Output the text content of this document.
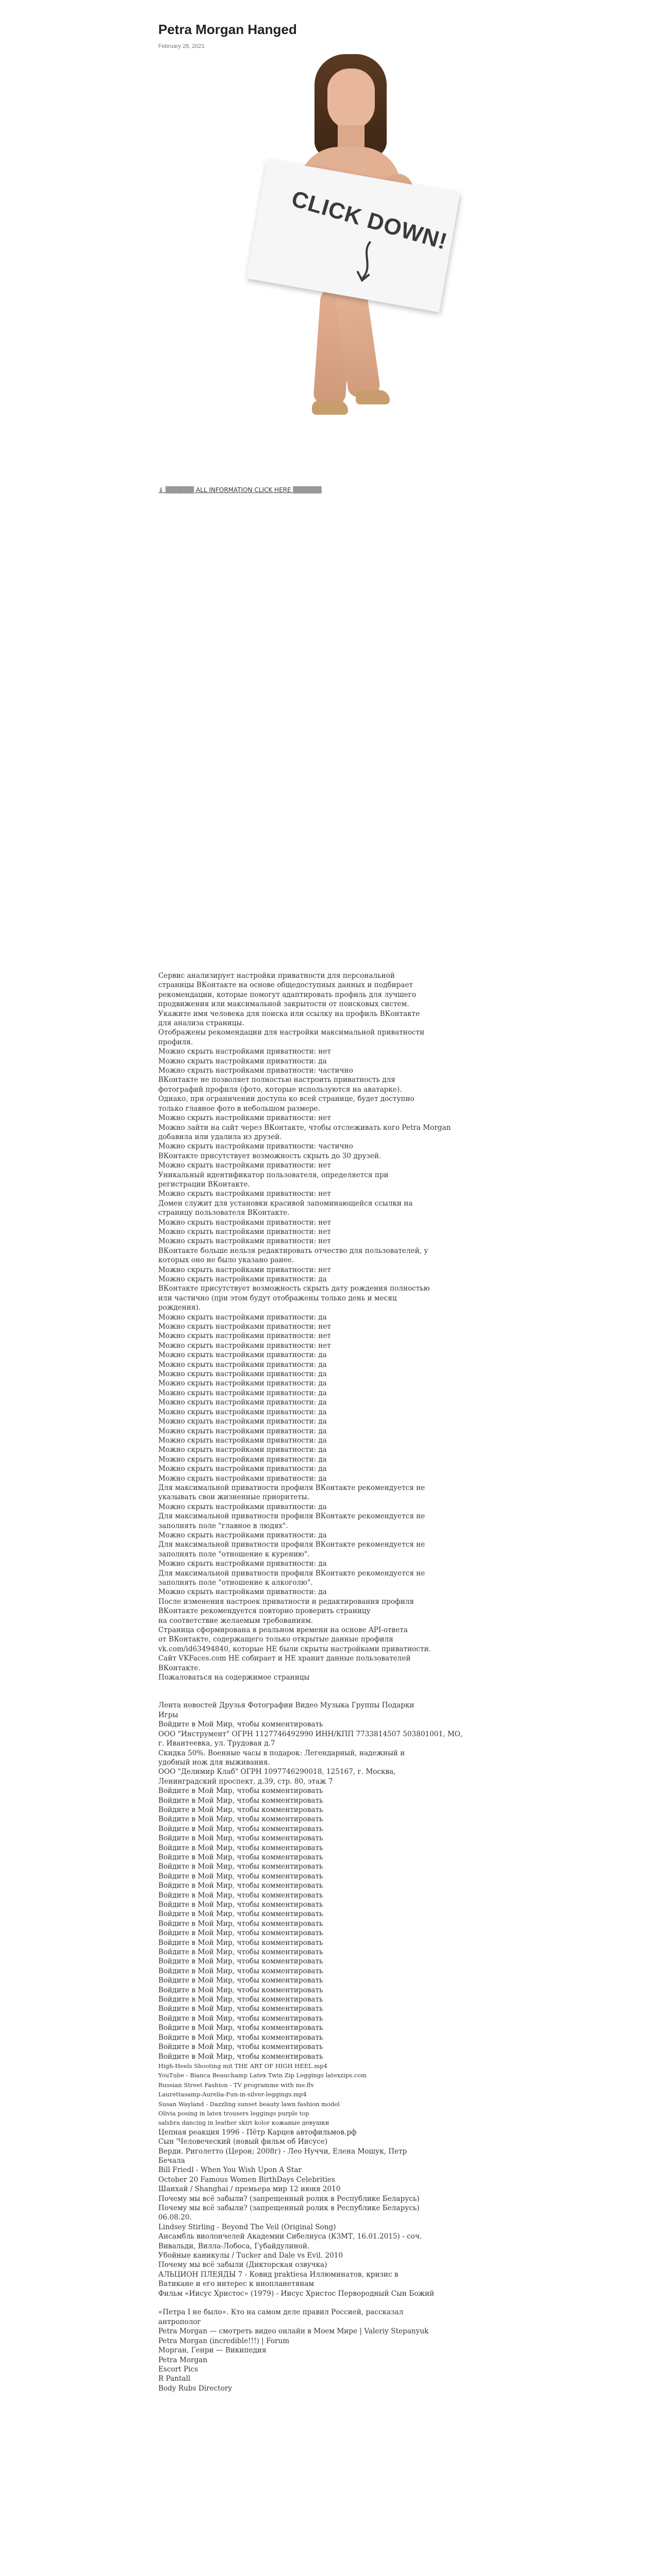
Petra Morgan Hanged
February 28, 2021
CLICK DOWN!
⇓ ▒▒▒▒▒▒ ALL INFORMATION CLICK HERE ▒▒▒▒▒▒

Сервис анализирует настройки приватности для персональной

страницы ВКонтакте на основе общедоступных данных и подбирает

рекомендации, которые помогут адаптировать профиль для лучшего

продвижения или максимальной закрытости от поисковых систем.

Укажите имя человека для поиска или ссылку на профиль ВКонтакте

для анализа страницы.

Отображены рекомендации для настройки максимальной приватности

профиля.

Можно скрыть настройками приватности: нет

Можно скрыть настройками приватности: да

Можно скрыть настройками приватности: частично

ВКонтакте не позволяет полностью настроить приватность для

фотографий профиля (фото, которые используются на аватарке).

Однако, при ограничении доступа ко всей странице, будет доступно

только главное фото в небольшом размере.

Можно скрыть настройками приватности: нет

Можно зайти на сайт через ВКонтакте, чтобы отслеживать кого Petra Morgan

добавила или удалила из друзей.

Можно скрыть настройками приватности: частично

ВКонтакте присутствует возможность скрыть до 30 друзей.

Можно скрыть настройками приватности: нет

Уникальный идентификатор пользователя, определяется при

регистрации ВКонтакте.

Можно скрыть настройками приватности: нет

Домен служит для установки красивой запоминающейся ссылки на

страницу пользователя ВКонтакте.

Можно скрыть настройками приватности: нет

Можно скрыть настройками приватности: нет

Можно скрыть настройками приватности: нет

ВКонтакте больше нельзя редактировать отчество для пользователей, у

которых оно не было указано ранее.

Можно скрыть настройками приватности: нет

Можно скрыть настройками приватности: да

ВКонтакте присутствует возможность скрыть дату рождения полностью

или частично (при этом будут отображены только день и месяц

рождения).

Можно скрыть настройками приватности: да

Можно скрыть настройками приватности: нет

Можно скрыть настройками приватности: нет

Можно скрыть настройками приватности: нет

Можно скрыть настройками приватности: да

Можно скрыть настройками приватности: да

Можно скрыть настройками приватности: да

Можно скрыть настройками приватности: да

Можно скрыть настройками приватности: да

Можно скрыть настройками приватности: да

Можно скрыть настройками приватности: да

Можно скрыть настройками приватности: да

Можно скрыть настройками приватности: да

Можно скрыть настройками приватности: да

Можно скрыть настройками приватности: да

Можно скрыть настройками приватности: да

Можно скрыть настройками приватности: да

Можно скрыть настройками приватности: да

Для максимальной приватности профиля ВКонтакте рекомендуется не

указывать свои жизненные приоритеты.

Можно скрыть настройками приватности: да

Для максимальной приватности профиля ВКонтакте рекомендуется не

заполнять поле "главное в людях".

Можно скрыть настройками приватности: да

Для максимальной приватности профиля ВКонтакте рекомендуется не

заполнять поле "отношение к курению".

Можно скрыть настройками приватности: да

Для максимальной приватности профиля ВКонтакте рекомендуется не

заполнять поле "отношение к алкоголю".

Можно скрыть настройками приватности: да

После изменения настроек приватности и редактирования профиля

ВКонтакте рекомендуется повторно проверить страницу

на соответствие желаемым требованиям.

Страница сформирована в реальном времени на основе API-ответа

от ВКонтакте, содержащего только открытые данные профиля

vk.com/id63494840, которые НЕ были скрыты настройками приватности.

Сайт VKFaces.com НЕ собирает и НЕ хранит данные пользователей

ВКонтакте.

Пожаловаться на содержимое страницы

Лента новостей Друзья Фотографии Видео Музыка Группы Подарки

Игры

Войдите в Мой Мир, чтобы комментировать

ООО "Инструмент" ОГРН 1127746492990 ИНН/КПП 7733814507 503801001, МО,

г. Ивантеевка, ул. Трудовая д.7

Скидка 50%. Военные часы в подарок: Легендарный, надежный и

удобный нож для выживания.

ООО "Делимир Клаб" ОГРН 1097746290018, 125167, г. Москва,

Ленинградский проспект, д.39, стр. 80, этаж 7

Войдите в Мой Мир, чтобы комментировать

Войдите в Мой Мир, чтобы комментировать

Войдите в Мой Мир, чтобы комментировать

Войдите в Мой Мир, чтобы комментировать

Войдите в Мой Мир, чтобы комментировать

Войдите в Мой Мир, чтобы комментировать

Войдите в Мой Мир, чтобы комментировать

Войдите в Мой Мир, чтобы комментировать

Войдите в Мой Мир, чтобы комментировать

Войдите в Мой Мир, чтобы комментировать

Войдите в Мой Мир, чтобы комментировать

Войдите в Мой Мир, чтобы комментировать

Войдите в Мой Мир, чтобы комментировать

Войдите в Мой Мир, чтобы комментировать

Войдите в Мой Мир, чтобы комментировать

Войдите в Мой Мир, чтобы комментировать

Войдите в Мой Мир, чтобы комментировать

Войдите в Мой Мир, чтобы комментировать

Войдите в Мой Мир, чтобы комментировать

Войдите в Мой Мир, чтобы комментировать

Войдите в Мой Мир, чтобы комментировать

Войдите в Мой Мир, чтобы комментировать

Войдите в Мой Мир, чтобы комментировать

Войдите в Мой Мир, чтобы комментировать

Войдите в Мой Мир, чтобы комментировать

Войдите в Мой Мир, чтобы комментировать

Войдите в Мой Мир, чтобы комментировать

Войдите в Мой Мир, чтобы комментировать

Войдите в Мой Мир, чтобы комментировать

High-Heels Shooting mit THE ART OF HIGH HEEL.mp4

YouTube - Bianca Beauchamp Latex Twin Zip Leggings latexzips.com

Russian Street Fashion - TV programme with me.flv

Laurettasamp-Aurelia-Fun-in-silver-leggings.mp4

Susan Wayland - Dazzling sunset beauty lawn fashion model

Olivia posing in latex trousers leggings purple top

salsbra dancing in leather skirt kolor кожаные девушки

Цепная реакция 1996 - Пётр Карцев автофильмов.рф

Сын 'Человеческий (новый фильм об Иисусе)

Верди. Риголетто (Церон; 2008г) - Лео Нуччи, Елена Мошук, Петр

Бечала

Bill Friedl - When You Wish Upon A Star

October 20 Famous Women BirthDays Celebrities

Шанхай / Shanghai / премьера мир 12 июня 2010

Почему мы всё забыли? (запрещенный ролик в Республике Беларусь)

Почему мы всё забыли? (запрещенный ролик в Республике Беларусь)

06.08.20.

Lindsey Stirling - Beyond The Veil (Original Song)

Ансамбль виолончелей Академии Сибелиуса (КЗМТ, 16.01.2015) - соч.

Вивальди, Вилла-Лобоса, Губайдулиной.

Убойные каникулы / Tucker and Dale vs Evil. 2010

Почему мы всё забыли (Дикторская озвучка)

АЛЬЦИОН ПЛЕЯДЫ 7 - Ковид praktiesa Иллюминатов, кризис в

Ватикане и его интерес к инопланетянам

Фильм «Иисус Христос» (1979) - Иисус Христос Первородный Сын Божий

«Петра I не было». Кто на самом деле правил Россией, рассказал

антрополог

Petra Morgan — смотреть видео онлайн в Моем Мире | Valeriy Stepanyuk

Petra Morgan (incredible!!!) | Forum

Морган, Генри — Википедия

Petra Morgan

Escort Pics

R Pantall

Body Rubs Directory
